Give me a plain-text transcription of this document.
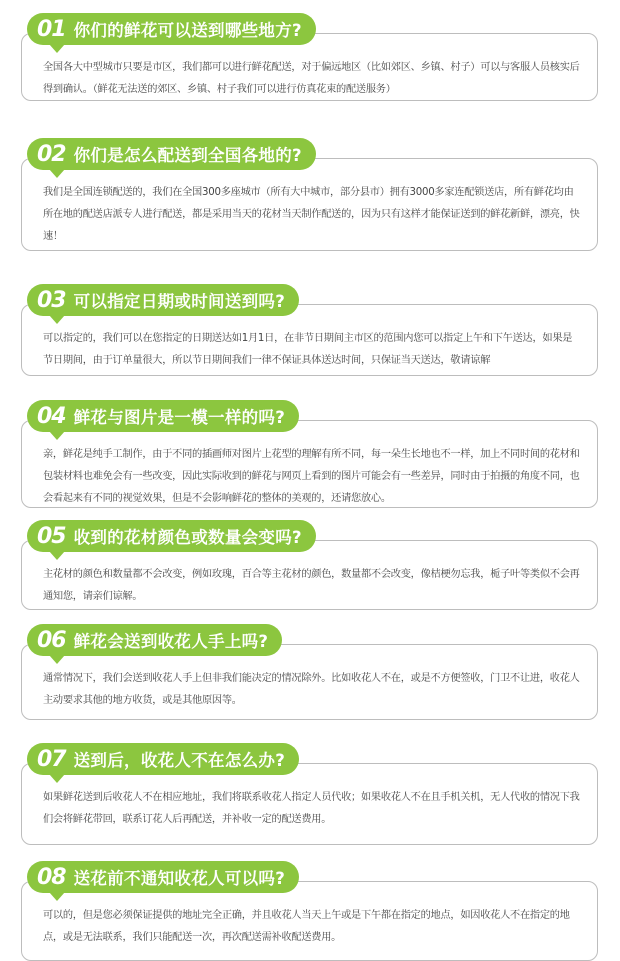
全国各大中型城市只要是市区，我们都可以进行鲜花配送，对于偏远地区（比如郊区、乡镇、村子）可以与客服人员核实后得到确认。（鲜花无法送的郊区、乡镇、村子我们可以进行仿真花束的配送服务）
01 你们的鲜花可以送到哪些地方?
我们是全国连锁配送的，我们在全国300多座城市（所有大中城市，部分县市）拥有3000多家连配锁送店，所有鲜花均由所在地的配送店派专人进行配送，都是采用当天的花材当天制作配送的，因为只有这样才能保证送到的鲜花新鲜，漂亮，快速！
02 你们是怎么配送到全国各地的?
可以指定的，我们可以在您指定的日期送达如1月1日，在非节日期间主市区的范围内您可以指定上午和下午送达，如果是节日期间，由于订单量很大，所以节日期间我们一律不保证具体送达时间，只保证当天送达，敬请谅解
03 可以指定日期或时间送到吗?
亲，鲜花是纯手工制作，由于不同的插画师对图片上花型的理解有所不同，每一朵生长地也不一样，加上不同时间的花材和包装材料也难免会有一些改变，因此实际收到的鲜花与网页上看到的图片可能会有一些差异，同时由于拍摄的角度不同，也会看起来有不同的视觉效果，但是不会影响鲜花的整体的美观的，还请您放心。
04 鲜花与图片是一模一样的吗?
主花材的颜色和数量都不会改变，例如玫瑰，百合等主花材的颜色，数量都不会改变，像桔梗勿忘我，栀子叶等类似不会再通知您，请亲们谅解。
05 收到的花材颜色或数量会变吗?
通常情况下，我们会送到收花人手上但非我们能决定的情况除外。比如收花人不在，或是不方便签收，门卫不让进，收花人主动要求其他的地方收货，或是其他原因等。
06 鲜花会送到收花人手上吗?
如果鲜花送到后收花人不在相应地址，我们将联系收花人指定人员代收；如果收花人不在且手机关机，无人代收的情况下我们会将鲜花带回，联系订花人后再配送，并补收一定的配送费用。
07 送到后，收花人不在怎么办?
可以的，但是您必须保证提供的地址完全正确，并且收花人当天上午或是下午都在指定的地点，如因收花人不在指定的地点，或是无法联系，我们只能配送一次，再次配送需补收配送费用。
08 送花前不通知收花人可以吗?
